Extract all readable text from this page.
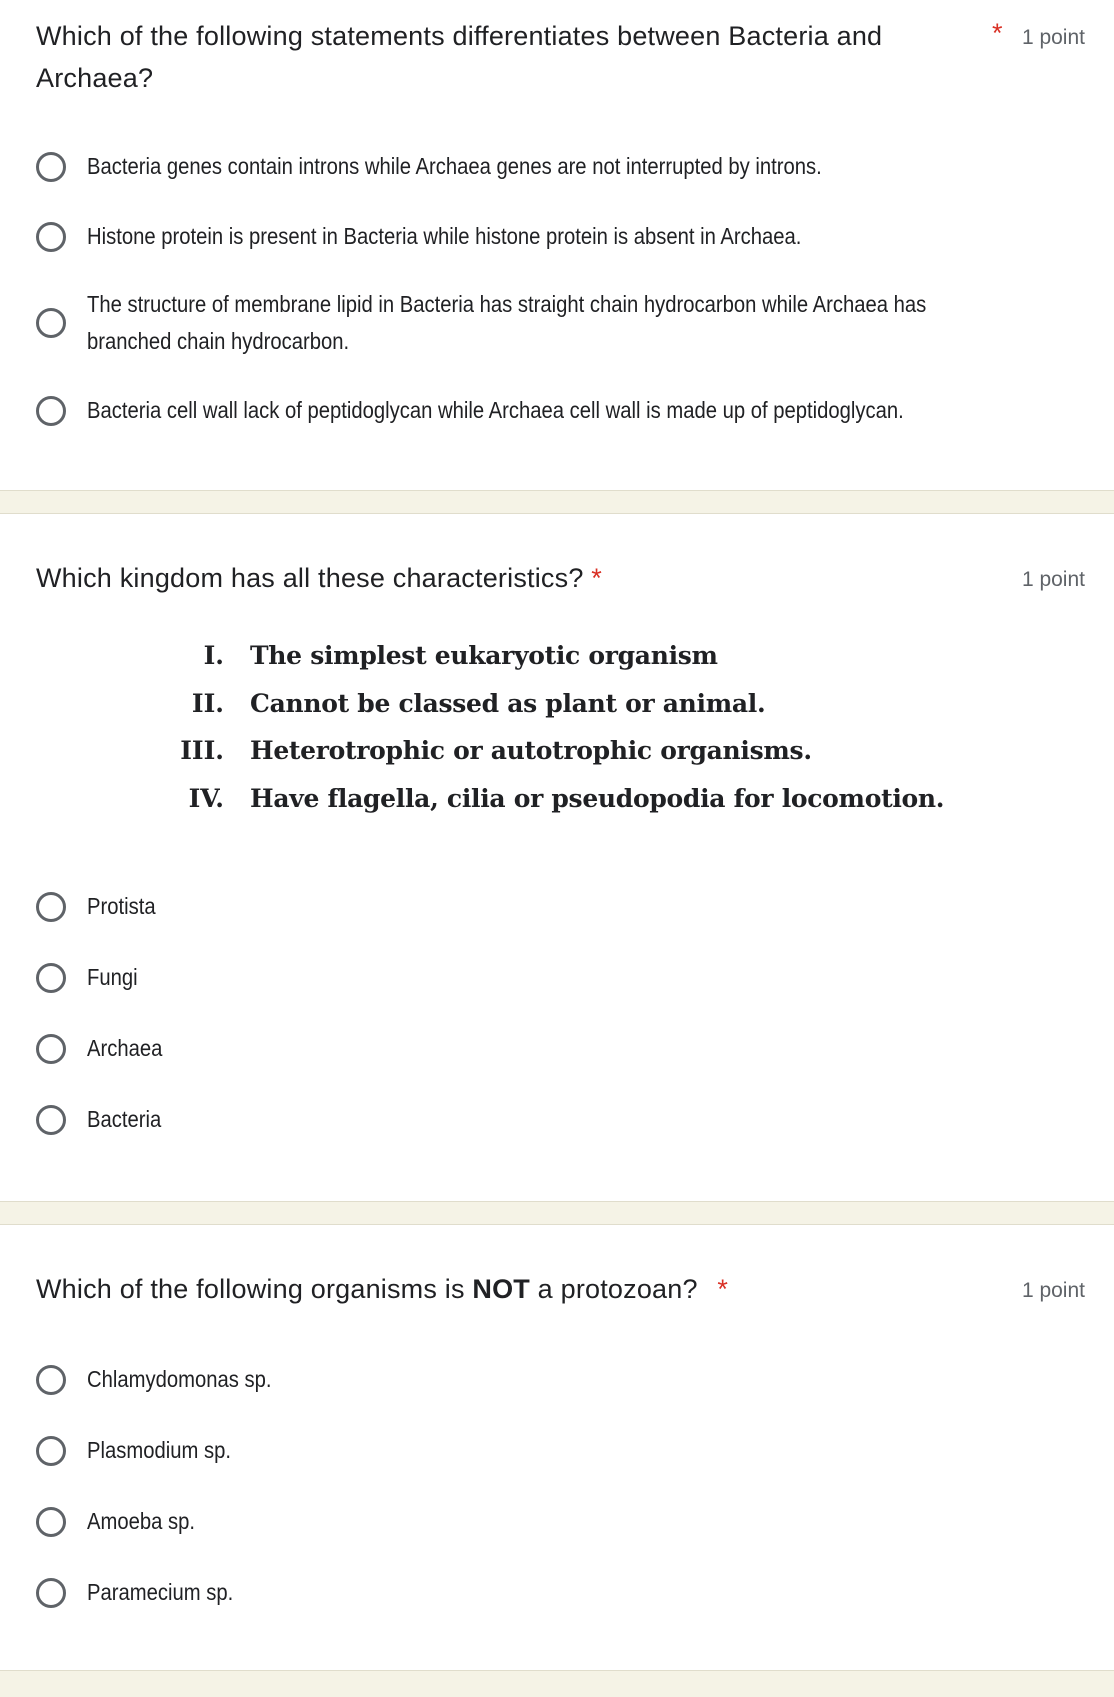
Which of the following statements differentiates between Bacteria and Archaea?
* 1 point
Bacteria genes contain introns while Archaea genes are not interrupted by introns.
Histone protein is present in Bacteria while histone protein is absent in Archaea.
The structure of membrane lipid in Bacteria has straight chain hydrocarbon while Archaea has branched chain hydrocarbon.
Bacteria cell wall lack of peptidoglycan while Archaea cell wall is made up of peptidoglycan.
Which kingdom has all these characteristics? *	1 point
I.	The simplest eukaryotic organism
II.	Cannot be classed as plant or animal.
III.	Heterotrophic or autotrophic organisms.
IV.	Have flagella, cilia or pseudopodia for locomotion.
Protista
Fungi
Archaea
Bacteria
Which of the following organisms is NOT a protozoan? *	1 point
Chlamydomonas sp.
Plasmodium sp.
Amoeba sp.
Paramecium sp.
